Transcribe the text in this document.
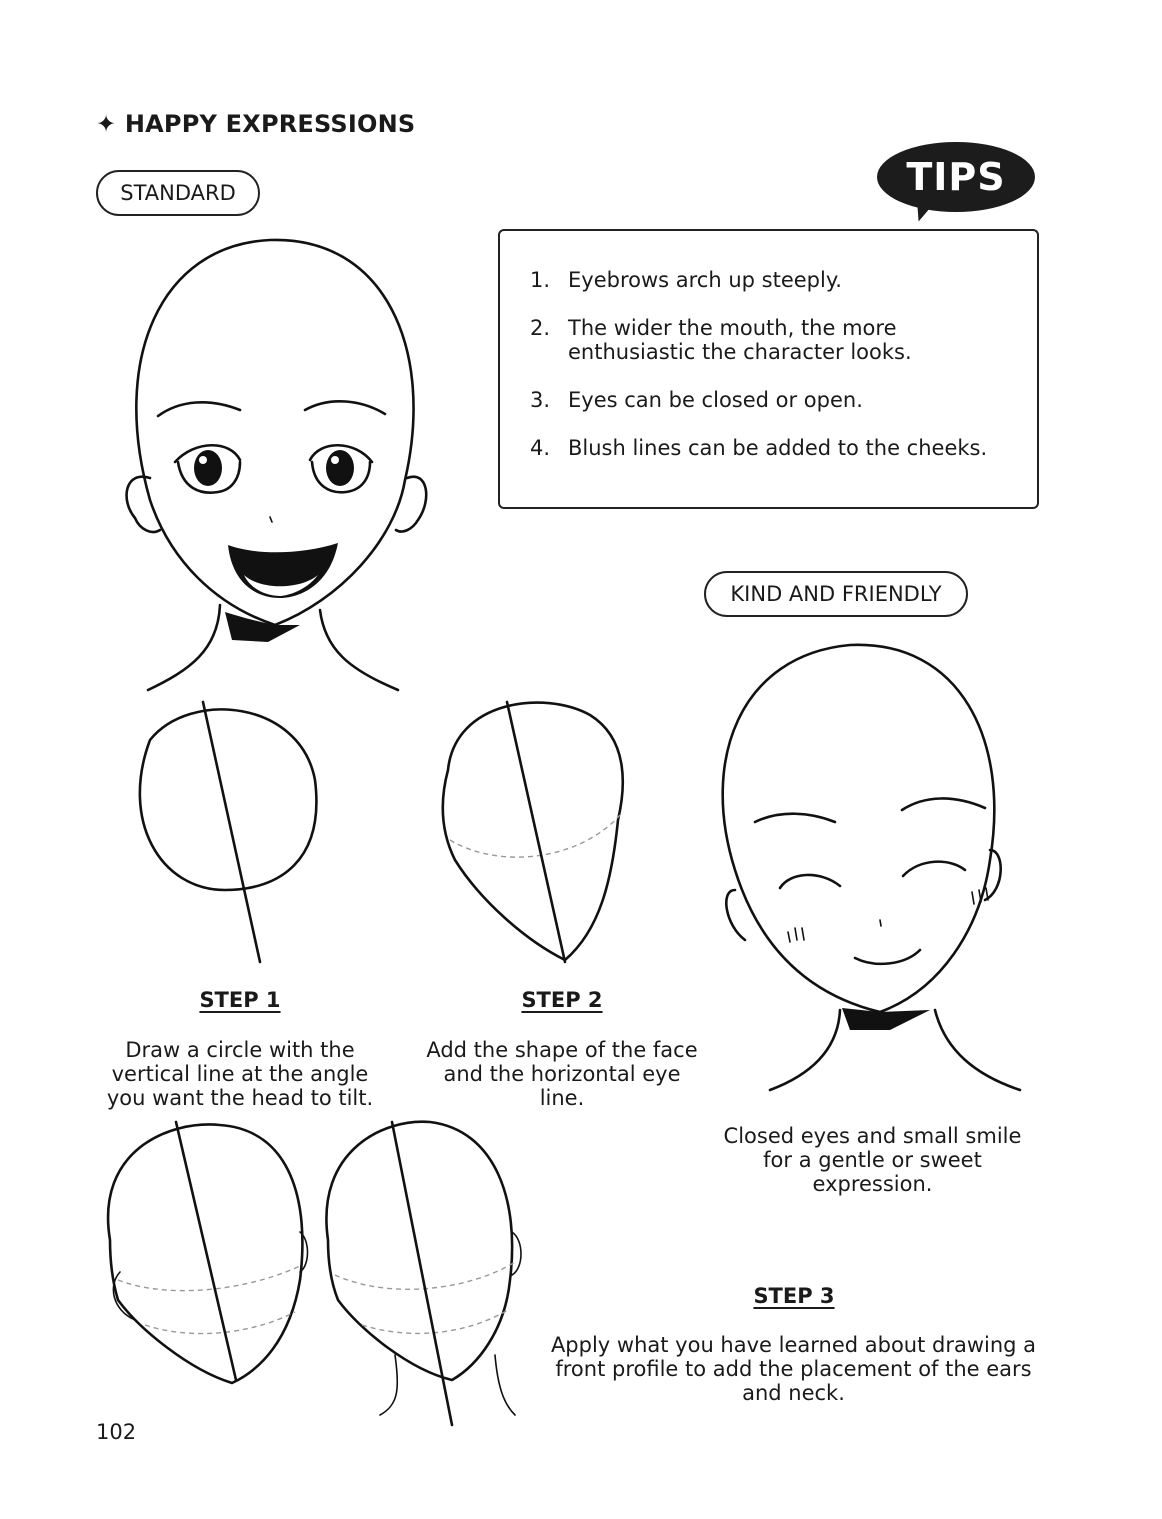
✦ HAPPY EXPRESSIONS
STANDARD	TIPS
1. Eyebrows arch up steeply.
2. The wider the mouth, the more enthusiastic the character looks.
3. Eyes can be closed or open.
4. Blush lines can be added to the cheeks.
KIND AND FRIENDLY
STEP 1
Draw a circle with the vertical line at the angle you want the head to tilt.
STEP 2
Add the shape of the face and the horizontal eye line.
Closed eyes and small smile for a gentle or sweet expression.
STEP 3
Apply what you have learned about drawing a front profile to add the placement of the ears and neck.
102
